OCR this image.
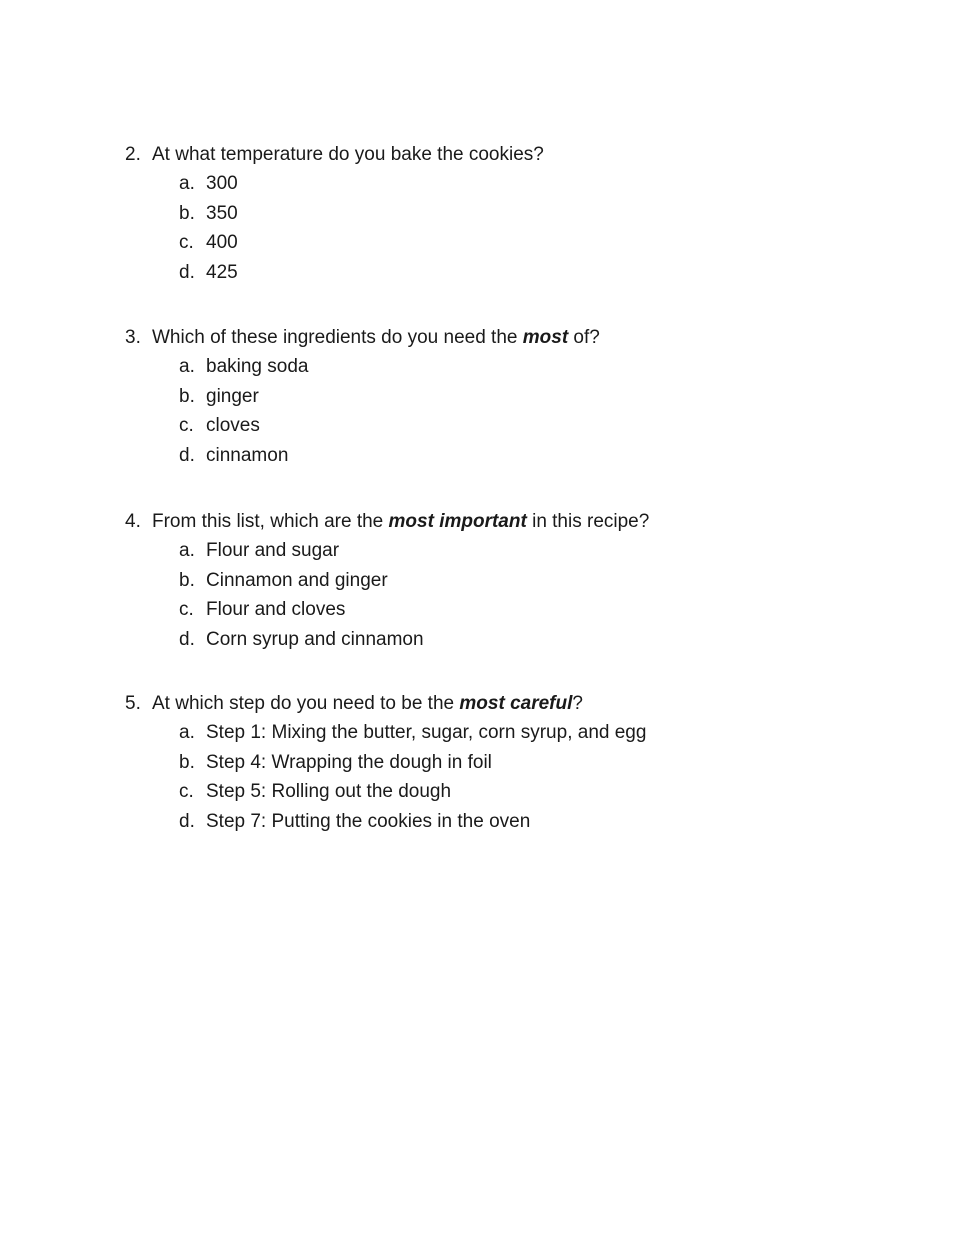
2. At what temperature do you bake the cookies?
a. 300
b. 350
c. 400
d. 425
3. Which of these ingredients do you need the most of?
a. baking soda
b. ginger
c. cloves
d. cinnamon
4. From this list, which are the most important in this recipe?
a. Flour and sugar
b. Cinnamon and ginger
c. Flour and cloves
d. Corn syrup and cinnamon
5. At which step do you need to be the most careful?
a. Step 1: Mixing the butter, sugar, corn syrup, and egg
b. Step 4: Wrapping the dough in foil
c. Step 5: Rolling out the dough
d. Step 7: Putting the cookies in the oven
